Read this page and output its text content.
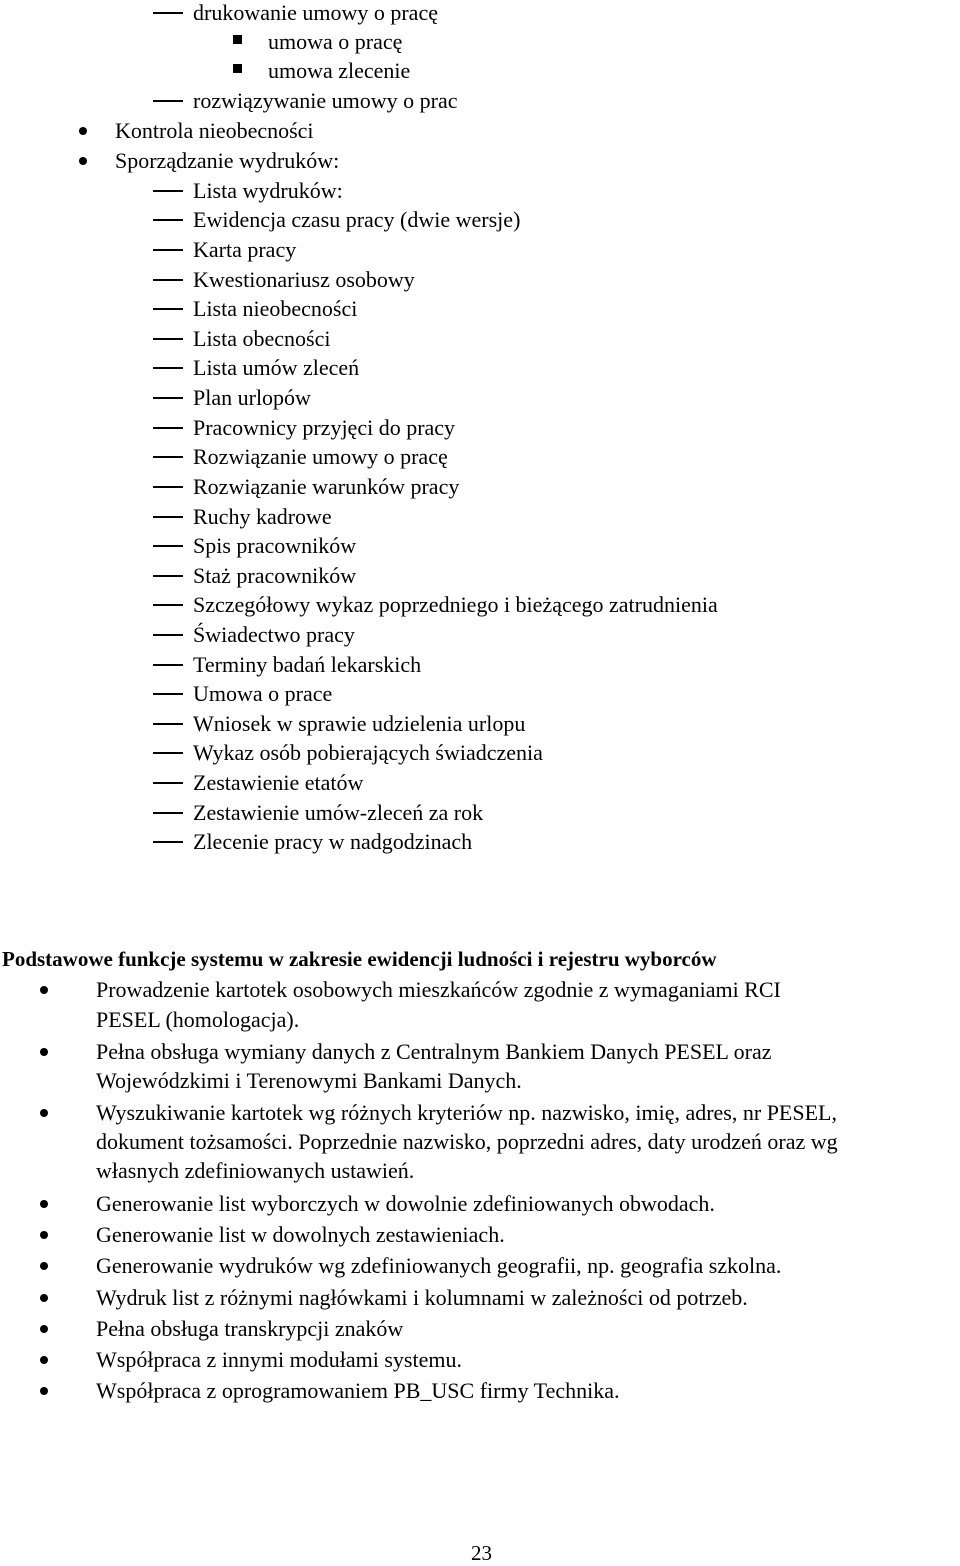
drukowanie umowy o pracę
umowa o pracę
umowa zlecenie
rozwiązywanie umowy o prac
Kontrola nieobecności
Sporządzanie wydruków:
Lista wydruków:
Ewidencja czasu pracy (dwie wersje)
Karta pracy
Kwestionariusz osobowy
Lista nieobecności
Lista obecności
Lista umów zleceń
Plan urlopów
Pracownicy przyjęci do pracy
Rozwiązanie umowy o pracę
Rozwiązanie warunków pracy
Ruchy kadrowe
Spis pracowników
Staż pracowników
Szczegółowy wykaz poprzedniego i bieżącego zatrudnienia
Świadectwo pracy
Terminy badań lekarskich
Umowa o prace
Wniosek w sprawie udzielenia urlopu
Wykaz osób pobierających świadczenia
Zestawienie etatów
Zestawienie umów-zleceń za rok
Zlecenie pracy w nadgodzinach
Podstawowe funkcje systemu w zakresie ewidencji ludności i rejestru wyborców
Prowadzenie kartotek osobowych mieszkańców zgodnie z wymaganiami RCI
PESEL (homologacja).
Pełna obsługa wymiany danych z Centralnym Bankiem Danych PESEL oraz
Wojewódzkimi i Terenowymi Bankami Danych.
Wyszukiwanie kartotek wg różnych kryteriów np. nazwisko, imię, adres, nr PESEL,
dokument tożsamości. Poprzednie nazwisko, poprzedni adres, daty urodzeń oraz wg
własnych zdefiniowanych ustawień.
Generowanie list wyborczych w dowolnie zdefiniowanych obwodach.
Generowanie list w dowolnych zestawieniach.
Generowanie wydruków wg zdefiniowanych geografii, np. geografia szkolna.
Wydruk list z różnymi nagłówkami i kolumnami w zależności od potrzeb.
Pełna obsługa transkrypcji znaków
Współpraca z innymi modułami systemu.
Współpraca z oprogramowaniem PB_USC firmy Technika.
23
